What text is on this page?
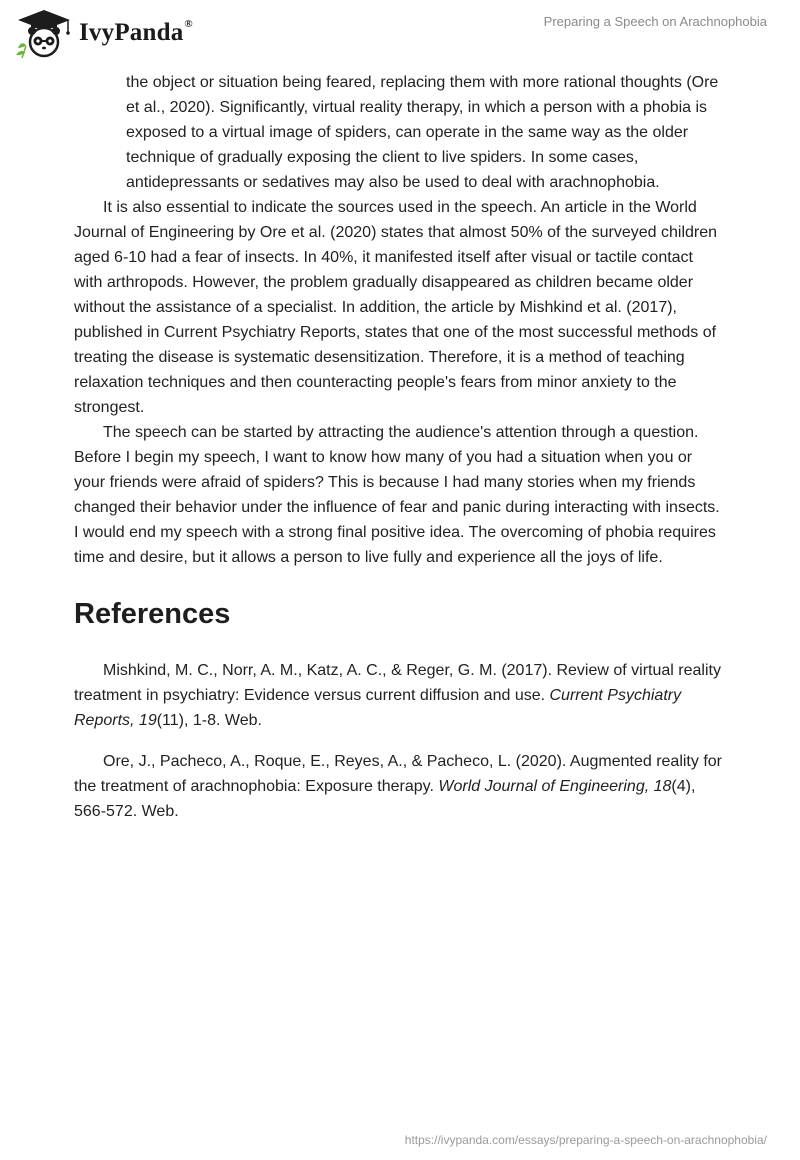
IvyPanda®	Preparing a Speech on Arachnophobia

the object or situation being feared, replacing them with more rational thoughts (Ore et al., 2020). Significantly, virtual reality therapy, in which a person with a phobia is exposed to a virtual image of spiders, can operate in the same way as the older technique of gradually exposing the client to live spiders. In some cases, antidepressants or sedatives may also be used to deal with arachnophobia.

It is also essential to indicate the sources used in the speech. An article in the World Journal of Engineering by Ore et al. (2020) states that almost 50% of the surveyed children aged 6-10 had a fear of insects. In 40%, it manifested itself after visual or tactile contact with arthropods. However, the problem gradually disappeared as children became older without the assistance of a specialist. In addition, the article by Mishkind et al. (2017), published in Current Psychiatry Reports, states that one of the most successful methods of treating the disease is systematic desensitization. Therefore, it is a method of teaching relaxation techniques and then counteracting people's fears from minor anxiety to the strongest.

The speech can be started by attracting the audience's attention through a question. Before I begin my speech, I want to know how many of you had a situation when you or your friends were afraid of spiders? This is because I had many stories when my friends changed their behavior under the influence of fear and panic during interacting with insects. I would end my speech with a strong final positive idea. The overcoming of phobia requires time and desire, but it allows a person to live fully and experience all the joys of life.

References

Mishkind, M. C., Norr, A. M., Katz, A. C., & Reger, G. M. (2017). Review of virtual reality treatment in psychiatry: Evidence versus current diffusion and use. Current Psychiatry Reports, 19(11), 1-8. Web.

Ore, J., Pacheco, A., Roque, E., Reyes, A., & Pacheco, L. (2020). Augmented reality for the treatment of arachnophobia: Exposure therapy. World Journal of Engineering, 18(4), 566-572. Web.

https://ivypanda.com/essays/preparing-a-speech-on-arachnophobia/
